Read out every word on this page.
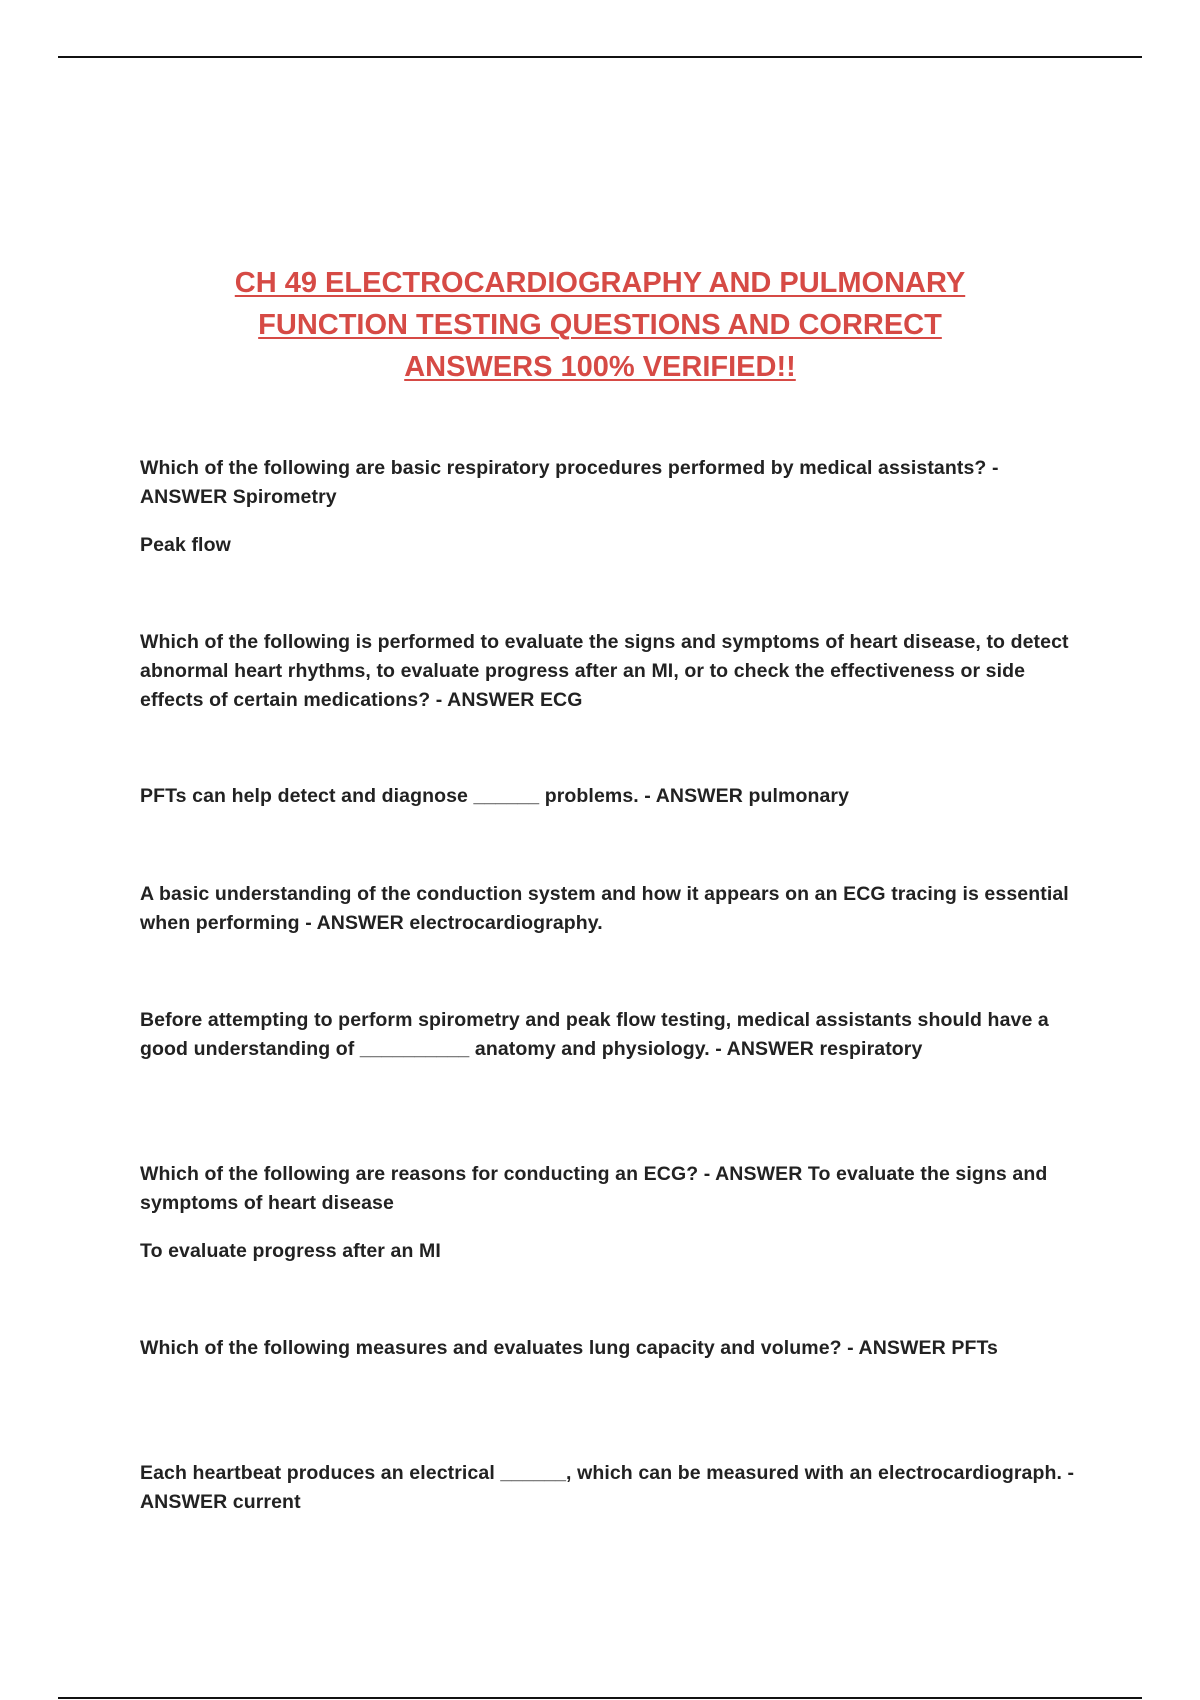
CH 49 ELECTROCARDIOGRAPHY AND PULMONARY
FUNCTION TESTING QUESTIONS AND CORRECT
ANSWERS 100% VERIFIED!!

Which of the following are basic respiratory procedures performed by medical assistants? - ANSWER Spirometry

Peak flow

Which of the following is performed to evaluate the signs and symptoms of heart disease, to detect abnormal heart rhythms, to evaluate progress after an MI, or to check the effectiveness or side effects of certain medications? - ANSWER ECG

PFTs can help detect and diagnose ______ problems. - ANSWER pulmonary

A basic understanding of the conduction system and how it appears on an ECG tracing is essential when performing - ANSWER electrocardiography.

Before attempting to perform spirometry and peak flow testing, medical assistants should have a good understanding of __________ anatomy and physiology. - ANSWER respiratory

Which of the following are reasons for conducting an ECG? - ANSWER To evaluate the signs and symptoms of heart disease

To evaluate progress after an MI

Which of the following measures and evaluates lung capacity and volume? - ANSWER PFTs

Each heartbeat produces an electrical ______, which can be measured with an electrocardiograph. - ANSWER current
